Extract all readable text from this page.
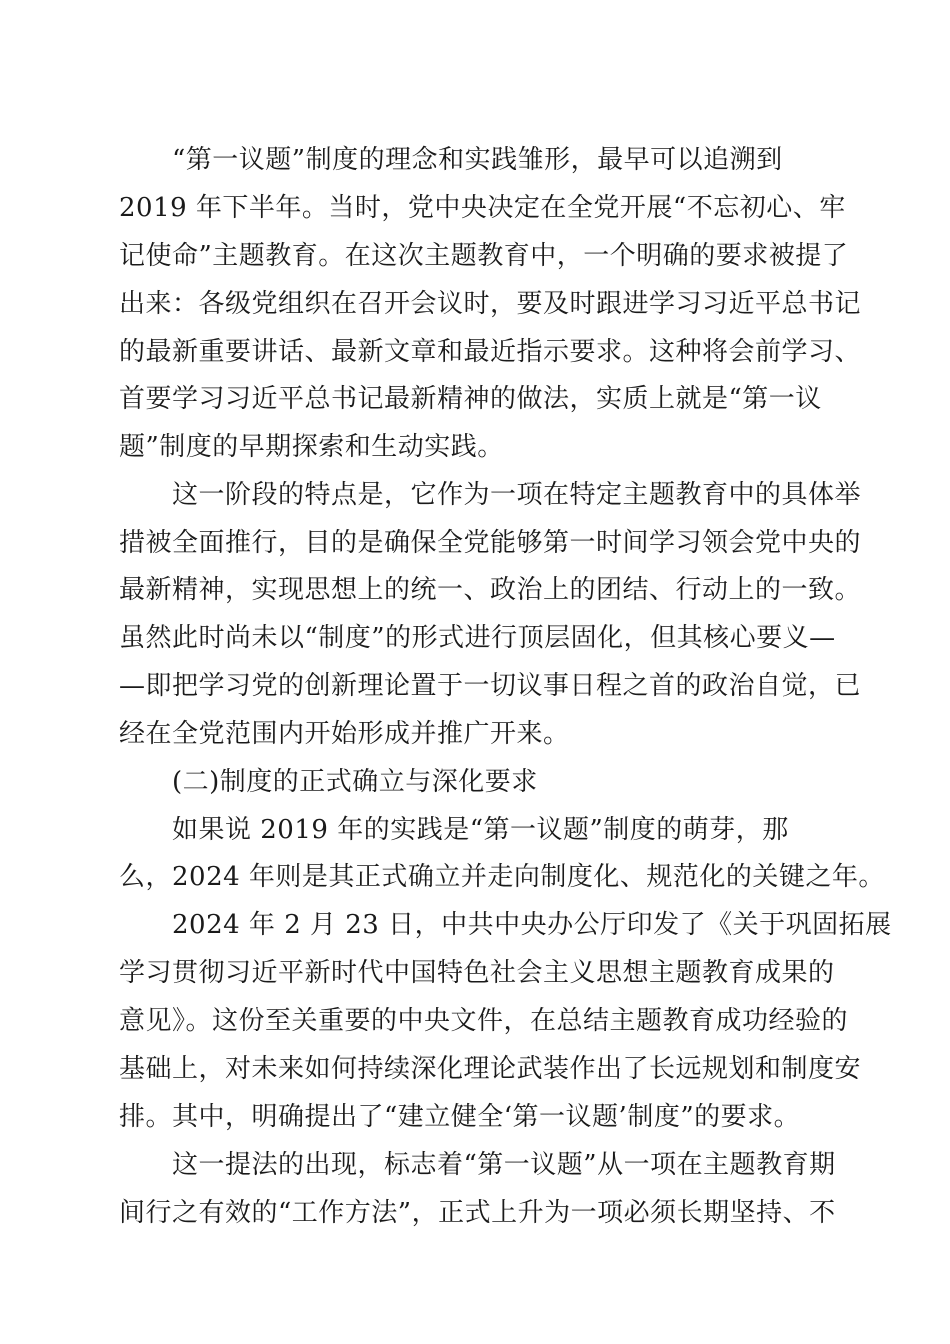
“第一议题”制度的理念和实践雏形，最早可以追溯到

2019 年下半年。当时，党中央决定在全党开展“不忘初心、牢

记使命”主题教育。在这次主题教育中，一个明确的要求被提了

出来：各级党组织在召开会议时，要及时跟进学习习近平总书记

的最新重要讲话、最新文章和最近指示要求。这种将会前学习、

首要学习习近平总书记最新精神的做法，实质上就是“第一议

题”制度的早期探索和生动实践。

这一阶段的特点是，它作为一项在特定主题教育中的具体举

措被全面推行，目的是确保全党能够第一时间学习领会党中央的

最新精神，实现思想上的统一、政治上的团结、行动上的一致。

虽然此时尚未以“制度”的形式进行顶层固化，但其核心要义—

—即把学习党的创新理论置于一切议事日程之首的政治自觉，已

经在全党范围内开始形成并推广开来。

(二)制度的正式确立与深化要求

如果说 2019 年的实践是“第一议题”制度的萌芽，那

么，2024 年则是其正式确立并走向制度化、规范化的关键之年。

2024 年 2 月 23 日，中共中央办公厅印发了《关于巩固拓展

学习贯彻习近平新时代中国特色社会主义思想主题教育成果的

意见》。这份至关重要的中央文件，在总结主题教育成功经验的

基础上，对未来如何持续深化理论武装作出了长远规划和制度安

排。其中，明确提出了“建立健全‘第一议题’制度”的要求。

这一提法的出现，标志着“第一议题”从一项在主题教育期

间行之有效的“工作方法”，正式上升为一项必须长期坚持、不
